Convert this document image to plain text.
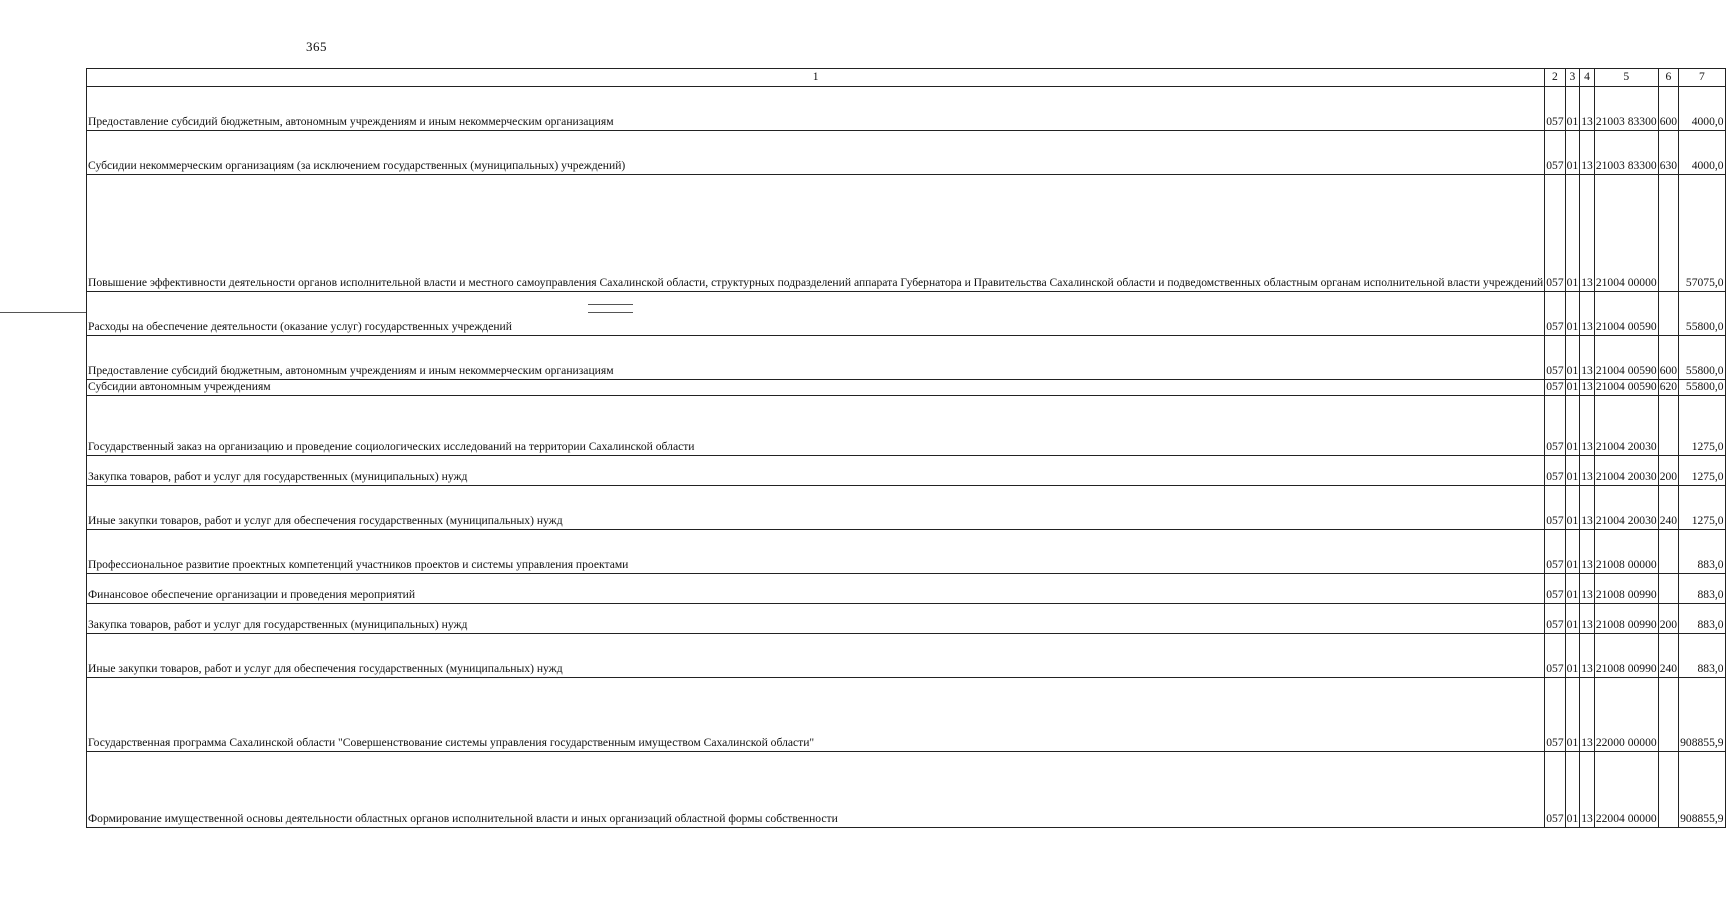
365
1	2	3	4	5	6	7
Предоставление субсидий бюджетным, автономным учреждениям и иным некоммерческим организациям	057	01	13	21003 83300	600	4000,0
Субсидии некоммерческим организациям (за исключением государственных (муниципальных) учреждений)	057	01	13	21003 83300	630	4000,0
Повышение эффективности деятельности органов исполнительной власти и местного самоуправления Сахалинской области, структурных подразделений аппарата Губернатора и Правительства Сахалинской области и подведомственных областным органам исполнительной власти учреждений	057	01	13	21004 00000		57075,0
Расходы на обеспечение деятельности (оказание услуг) государственных учреждений	057	01	13	21004 00590		55800,0
Предоставление субсидий бюджетным, автономным учреждениям и иным некоммерческим организациям	057	01	13	21004 00590	600	55800,0
Субсидии автономным учреждениям	057	01	13	21004 00590	620	55800,0
Государственный заказ на организацию и проведение социологических исследований на территории Сахалинской области	057	01	13	21004 20030		1275,0
Закупка товаров, работ и услуг для государственных (муниципальных) нужд	057	01	13	21004 20030	200	1275,0
Иные закупки товаров, работ и услуг для обеспечения государственных (муниципальных) нужд	057	01	13	21004 20030	240	1275,0
Профессиональное развитие проектных компетенций участников проектов и системы управления проектами	057	01	13	21008 00000		883,0
Финансовое обеспечение организации и проведения мероприятий	057	01	13	21008 00990		883,0
Закупка товаров, работ и услуг для государственных (муниципальных) нужд	057	01	13	21008 00990	200	883,0
Иные закупки товаров, работ и услуг для обеспечения государственных (муниципальных) нужд	057	01	13	21008 00990	240	883,0
Государственная программа Сахалинской области "Совершенствование системы управления государственным имуществом Сахалинской области"	057	01	13	22000 00000		908855,9
Формирование имущественной основы деятельности областных органов исполнительной власти и иных организаций областной формы собственности	057	01	13	22004 00000		908855,9
